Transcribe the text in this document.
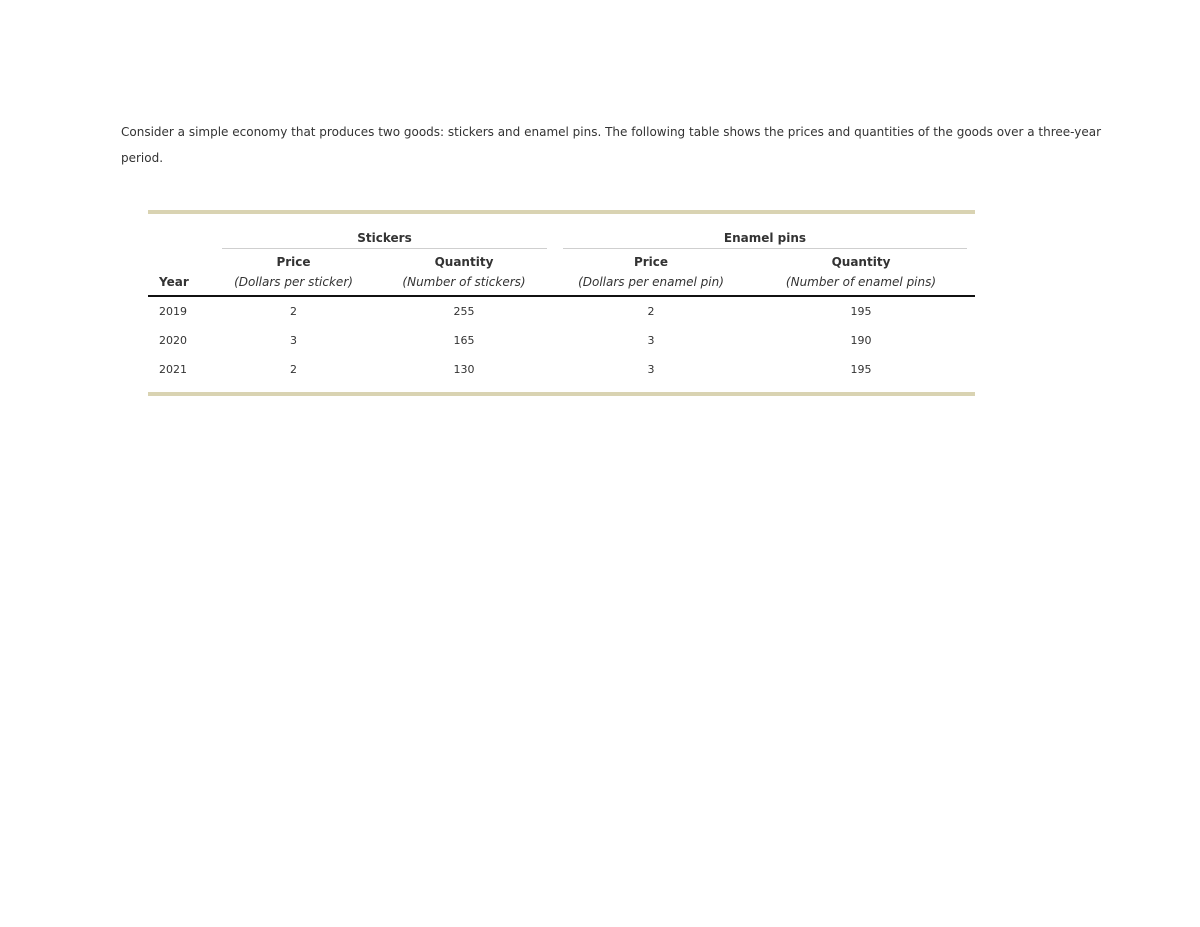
Consider a simple economy that produces two goods: stickers and enamel pins. The following table shows the prices and quantities of the goods over a three-year period.

	Stickers		Enamel pins	

	Price	Quantity	Price	Quantity
Year	(Dollars per sticker)	(Number of stickers)	(Dollars per enamel pin)	(Number of enamel pins)
2019	2	255	2	195
2020	3	165	3	190
2021	2	130	3	195
